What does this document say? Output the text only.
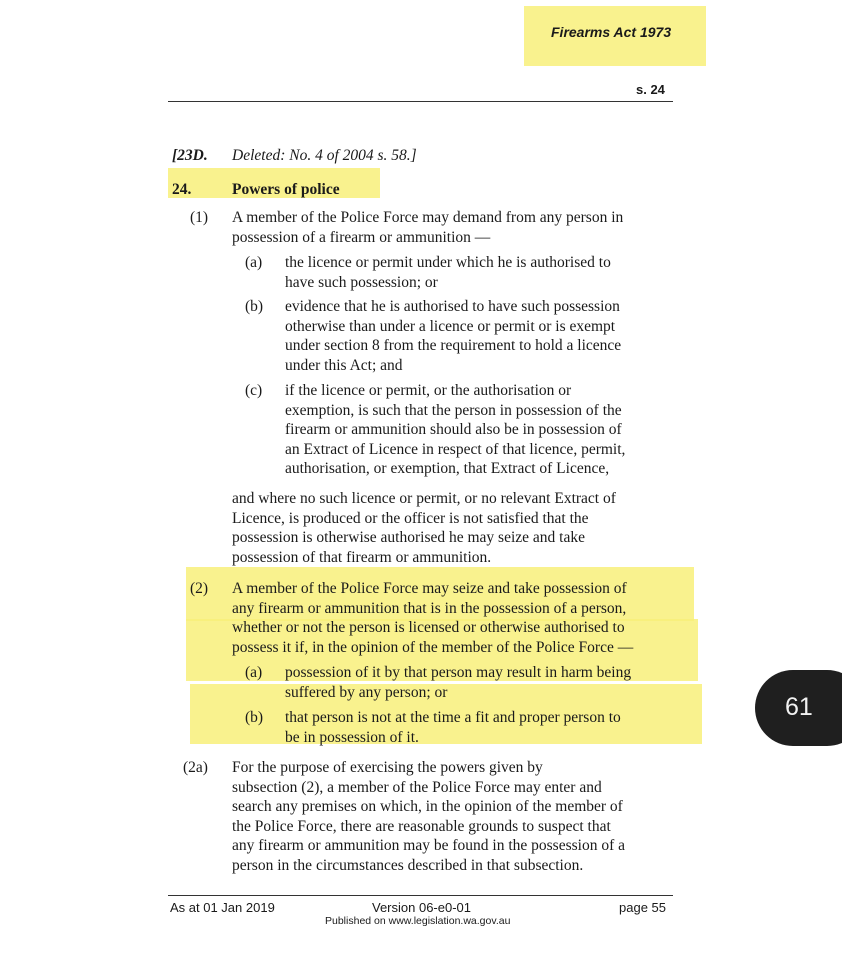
Firearms Act 1973
s. 24
[23D. Deleted: No. 4 of 2004 s. 58.]
24.	Powers of police
(1) A member of the Police Force may demand from any person in
possession of a firearm or ammunition —
(a) the licence or permit under which he is authorised to
have such possession; or
(b) evidence that he is authorised to have such possession
otherwise than under a licence or permit or is exempt
under section 8 from the requirement to hold a licence
under this Act; and
(c) if the licence or permit, or the authorisation or
exemption, is such that the person in possession of the
firearm or ammunition should also be in possession of
an Extract of Licence in respect of that licence, permit,
authorisation, or exemption, that Extract of Licence,
and where no such licence or permit, or no relevant Extract of
Licence, is produced or the officer is not satisfied that the
possession is otherwise authorised he may seize and take
possession of that firearm or ammunition.
(2) A member of the Police Force may seize and take possession of
any firearm or ammunition that is in the possession of a person,
whether or not the person is licensed or otherwise authorised to
possess it if, in the opinion of the member of the Police Force —
(a) possession of it by that person may result in harm being
suffered by any person; or
(b) that person is not at the time a fit and proper person to
be in possession of it.
(2a) For the purpose of exercising the powers given by
subsection (2), a member of the Police Force may enter and
search any premises on which, in the opinion of the member of
the Police Force, there are reasonable grounds to suspect that
any firearm or ammunition may be found in the possession of a
person in the circumstances described in that subsection.
As at 01 Jan 2019	Version 06-e0-01
Published on www.legislation.wa.gov.au
page 55
61
